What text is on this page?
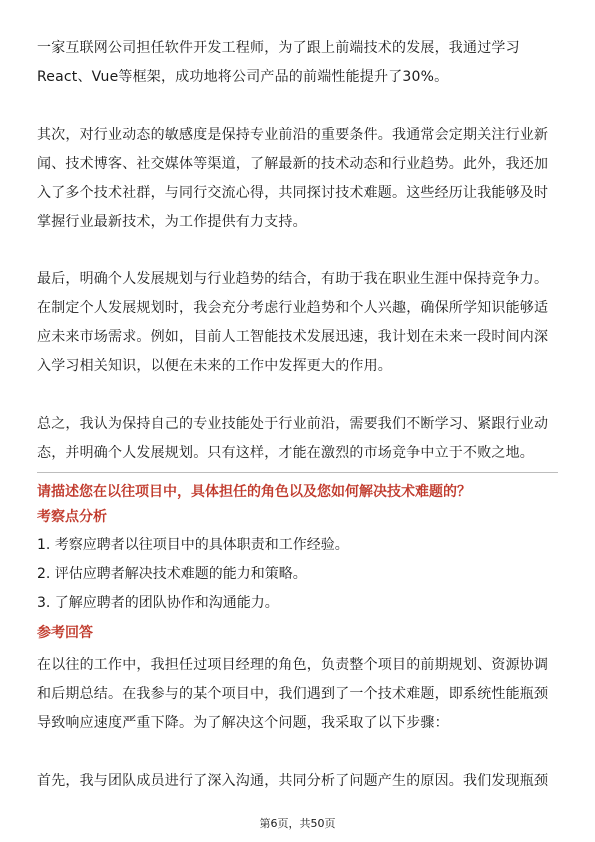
一家互联网公司担任软件开发工程师，为了跟上前端技术的发展，我通过学习React、Vue等框架，成功地将公司产品的前端性能提升了30%。

其次，对行业动态的敏感度是保持专业前沿的重要条件。我通常会定期关注行业新闻、技术博客、社交媒体等渠道，了解最新的技术动态和行业趋势。此外，我还加入了多个技术社群，与同行交流心得，共同探讨技术难题。这些经历让我能够及时掌握行业最新技术，为工作提供有力支持。

最后，明确个人发展规划与行业趋势的结合，有助于我在职业生涯中保持竞争力。在制定个人发展规划时，我会充分考虑行业趋势和个人兴趣，确保所学知识能够适应未来市场需求。例如，目前人工智能技术发展迅速，我计划在未来一段时间内深入学习相关知识，以便在未来的工作中发挥更大的作用。

总之，我认为保持自己的专业技能处于行业前沿，需要我们不断学习、紧跟行业动态，并明确个人发展规划。只有这样，才能在激烈的市场竞争中立于不败之地。

请描述您在以往项目中，具体担任的角色以及您如何解决技术难题的？
考察点分析
1. 考察应聘者以往项目中的具体职责和工作经验。
2. 评估应聘者解决技术难题的能力和策略。
3. 了解应聘者的团队协作和沟通能力。
参考回答

在以往的工作中，我担任过项目经理的角色，负责整个项目的前期规划、资源协调和后期总结。在我参与的某个项目中，我们遇到了一个技术难题，即系统性能瓶颈导致响应速度严重下降。为了解决这个问题，我采取了以下步骤：

首先，我与团队成员进行了深入沟通，共同分析了问题产生的原因。我们发现瓶颈

第6页，共50页
